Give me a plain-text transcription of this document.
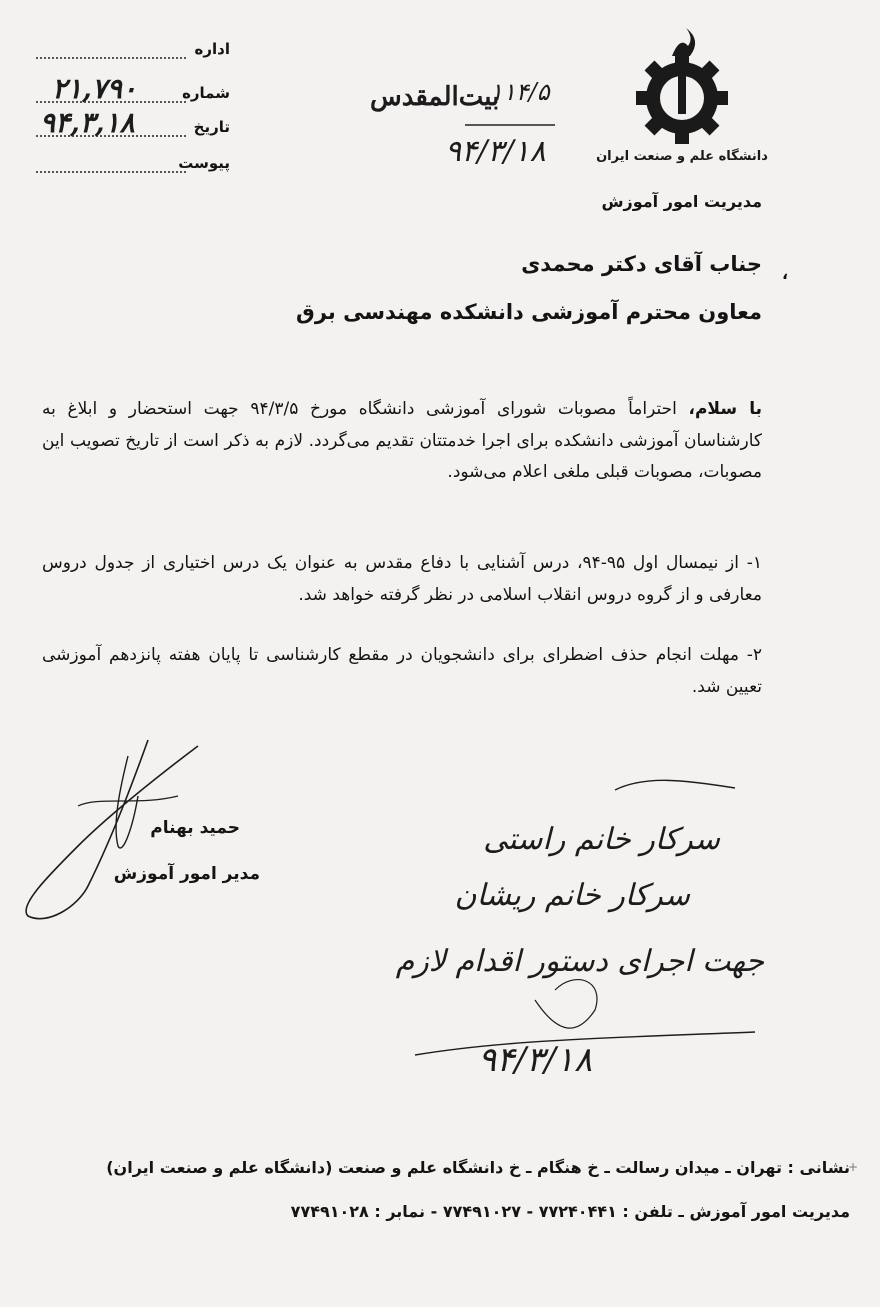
اداره
شماره
۲۱,۷۹۰
تاریخ
۹۴,۳,۱۸
پیوست
بیت‌المقدس
۱۱۴/۵
۹۴/۳/۱۸	دانشگاه علم و صنعت ایران
مدیریت امور آموزش
جناب آقای دکتر محمدی
معاون محترم آموزشی دانشکده مهندسی برق
،

با سلام، احتراماً مصوبات شورای آموزشی دانشگاه مورخ ۹۴/۳/۵ جهت استحضار و ابلاغ به کارشناسان آموزشی دانشکده برای اجرا خدمتتان تقدیم می‌گردد. لازم به ذکر است از تاریخ تصویب این مصوبات، مصوبات قبلی ملغی اعلام می‌شود.

۱- از نیمسال اول ۹۵-۹۴، درس آشنایی با دفاع مقدس به عنوان یک درس اختیاری از جدول دروس معارفی و از گروه دروس انقلاب اسلامی در نظر گرفته خواهد شد.

۲- مهلت انجام حذف اضطرای برای دانشجویان در مقطع کارشناسی تا پایان هفته پانزدهم آموزشی تعیین شد.

حمید بهنام
مدیر امور آموزش
سرکار خانم راستی
سرکار خانم ریشان
جهت اجرای دستور اقدام لازم
۹۴/۳/۱۸
نشانی : تهران ـ میدان رسالت ـ خ هنگام ـ خ دانشگاه علم و صنعت (دانشگاه علم و صنعت ایران)
مدیریت امور آموزش ـ تلفن : ۷۷۲۴۰۴۴۱ - ۷۷۴۹۱۰۲۷ - نمابر : ۷۷۴۹۱۰۲۸
+
